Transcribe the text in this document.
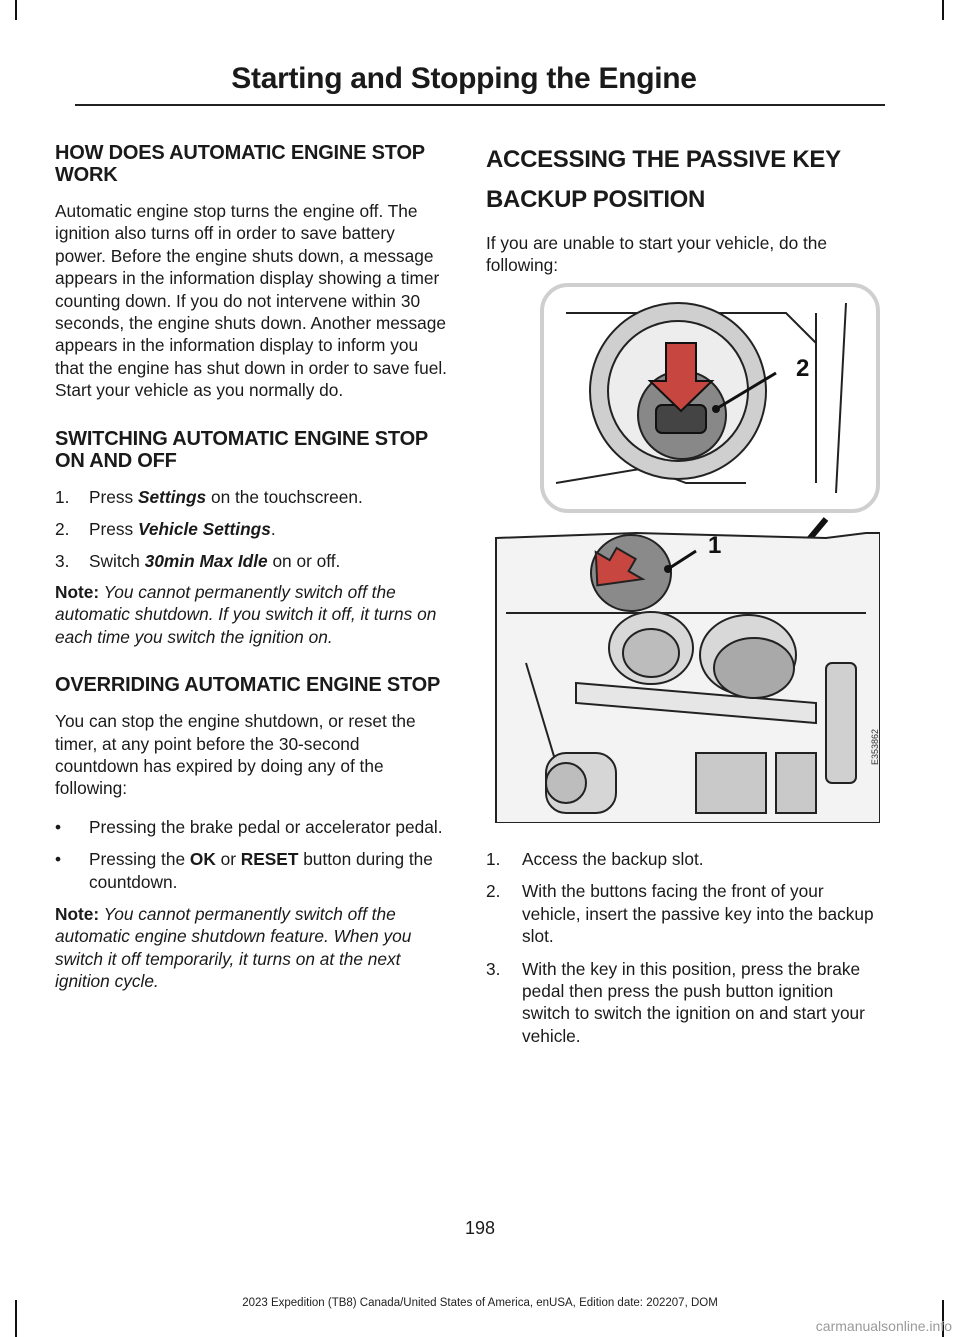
Starting and Stopping the Engine
HOW DOES AUTOMATIC ENGINE STOP WORK

Automatic engine stop turns the engine off. The ignition also turns off in order to save battery power. Before the engine shuts down, a message appears in the information display showing a timer counting down. If you do not intervene within 30 seconds, the engine shuts down. Another message appears in the information display to inform you that the engine has shut down in order to save fuel. Start your vehicle as you normally do.

SWITCHING AUTOMATIC ENGINE STOP ON AND OFF
1.	Press Settings on the touchscreen.
2.	Press Vehicle Settings.
3.	Switch 30min Max Idle on or off.

Note: You cannot permanently switch off the automatic shutdown. If you switch it off, it turns on each time you switch the ignition on.

OVERRIDING AUTOMATIC ENGINE STOP

You can stop the engine shutdown, or reset the timer, at any point before the 30-second countdown has expired by doing any of the following:

•	Pressing the brake pedal or accelerator pedal.
•	Pressing the OK or RESET button during the countdown.

Note: You cannot permanently switch off the automatic engine shutdown feature. When you switch it off temporarily, it turns on at the next ignition cycle.

ACCESSING THE PASSIVE KEY
BACKUP POSITION

If you are unable to start your vehicle, do the following:

2
1
E353862
1.	Access the backup slot.
2.	With the buttons facing the front of your vehicle, insert the passive key into the backup slot.
3.	With the key in this position, press the brake pedal then press the push button ignition switch to switch the ignition on and start your vehicle.
198
2023 Expedition (TB8) Canada/United States of America, enUSA, Edition date: 202207, DOM
carmanualsonline.info
